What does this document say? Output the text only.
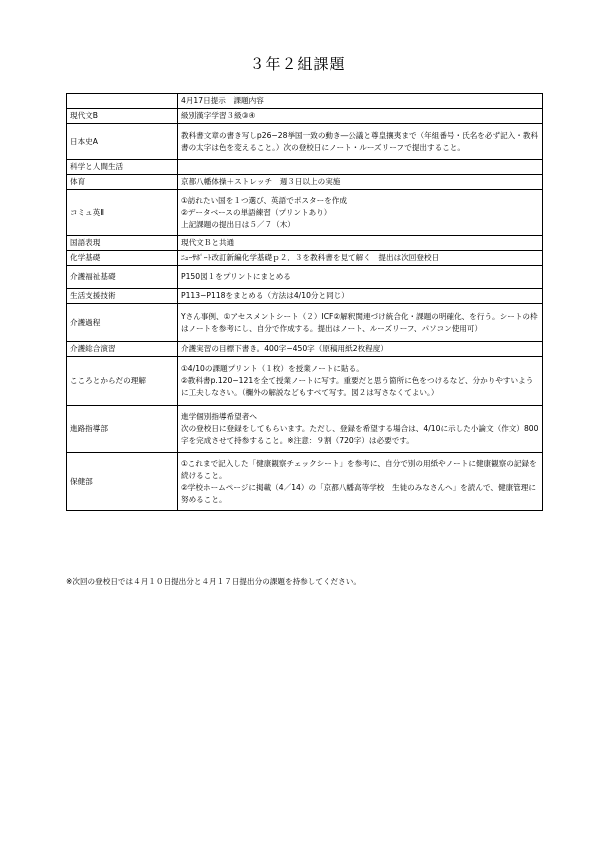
３年２組課題
	4月17日提示　課題内容
現代文B	級別漢字学習３級③④

日本史A	教科書文章の書き写しp26−28挙国一致の動き―公議と尊皇攘夷まで（年組番号・氏名を必ず記入・教科書の太字は色を変えること。）次の登校日にノート・ルーズリーフで提出すること。

科学と人間生活	

体育	京都八幡体操＋ストレッチ　週３日以上の実施

コミュ英Ⅱ	①訪れたい国を１つ選び、英語でポスターを作成
②データベースの単語練習（プリントあり）
上記課題の提出日は５／７（木）

国語表現	現代文Ｂと共通

化学基礎	ﾆｭｰｻﾎﾟｰﾄ改訂新編化学基礎ｐ２．３を教科書を見て解く　提出は次回登校日

介護福祉基礎	P150図１をプリントにまとめる

生活支援技術	P113−P118をまとめる（方法は4/10分と同じ）

介護過程	Yさん事例、①アセスメントシート（２）ICF②解釈関連づけ統合化・課題の明確化、を行う。シートの枠はノートを参考にし、自分で作成する。提出はノート、ルーズリーフ、パソコン使用可）

介護総合演習	介護実習の目標下書き。400字−450字（原稿用紙2枚程度）

こころとからだの理解	①4/10の課題プリント（１枚）を授業ノートに貼る。
②教科書p.120−121を全て授業ノートに写す。重要だと思う箇所に色をつけるなど、分かりやすいように工夫しなさい。（欄外の解説などもすべて写す。図２は写さなくてよい。）

進路指導部	進学個別指導希望者へ
次の登校日に登録をしてもらいます。ただし、登録を希望する場合は、4/10に示した小論文（作文）800字を完成させて持参すること。※注意：９割（720字）は必要です。

保健部	①これまで記入した「健康観察チェックシート」を参考に、自分で別の用紙やノートに健康観察の記録を続けること。
②学校ホームページに掲載（4／14）の「京都八幡高等学校　生徒のみなさんへ」を読んで、健康管理に努めること。
※次回の登校日では４月１０日提出分と４月１７日提出分の課題を持参してください。
